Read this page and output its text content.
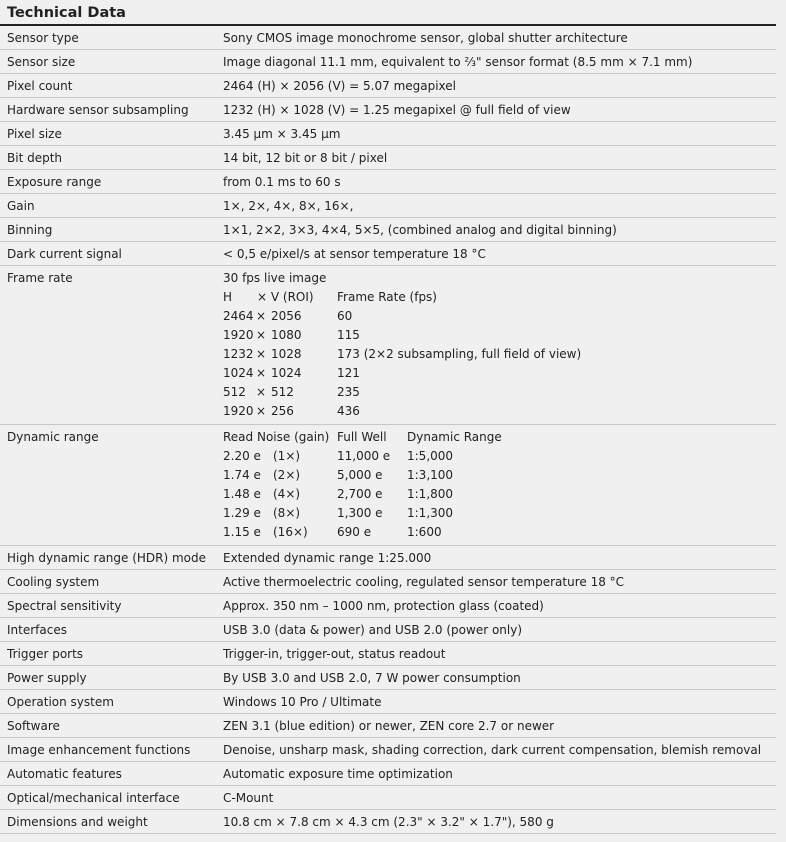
Technical Data
Sensor type	Sony CMOS image monochrome sensor, global shutter architecture
Sensor size	Image diagonal 11.1 mm, equivalent to ⅔" sensor format (8.5 mm × 7.1 mm)
Pixel count	2464 (H) × 2056 (V) = 5.07 megapixel
Hardware sensor subsampling	1232 (H) × 1028 (V) = 1.25 megapixel @ full field of view
Pixel size	3.45 µm × 3.45 µm
Bit depth	14 bit, 12 bit or 8 bit / pixel
Exposure range	from 0.1 ms to 60 s
Gain	1×, 2×, 4×, 8×, 16×,
Binning	1×1, 2×2, 3×3, 4×4, 5×5, (combined analog and digital binning)
Dark current signal	< 0,5 e/pixel/s at sensor temperature 18 °C
Frame rate	30 fps live image
H	× V (ROI)	Frame Rate (fps)
2464 × 2056	60
1920 × 1080	115
1232 × 1028	173 (2×2 subsampling, full field of view)
1024 × 1024	121
512 × 512	235
1920 × 256	436
Dynamic range	Read Noise (gain) Full Well	Dynamic Range
2.20 e	(1×)	11,000 e	1:5,000
1.74 e	(2×)	5,000 e	1:3,100
1.48 e	(4×)	2,700 e	1:1,800
1.29 e	(8×)	1,300 e	1:1,300
1.15 e	(16×)	690 e	1:600
High dynamic range (HDR) mode	Extended dynamic range 1:25.000
Cooling system	Active thermoelectric cooling, regulated sensor temperature 18 °C
Spectral sensitivity	Approx. 350 nm – 1000 nm, protection glass (coated)
Interfaces	USB 3.0 (data & power) and USB 2.0 (power only)
Trigger ports	Trigger-in, trigger-out, status readout
Power supply	By USB 3.0 and USB 2.0, 7 W power consumption
Operation system	Windows 10 Pro / Ultimate
Software	ZEN 3.1 (blue edition) or newer, ZEN core 2.7 or newer
Image enhancement functions	Denoise, unsharp mask, shading correction, dark current compensation, blemish removal
Automatic features	Automatic exposure time optimization
Optical/mechanical interface	C-Mount
Dimensions and weight	10.8 cm × 7.8 cm × 4.3 cm (2.3" × 3.2" × 1.7"), 580 g
